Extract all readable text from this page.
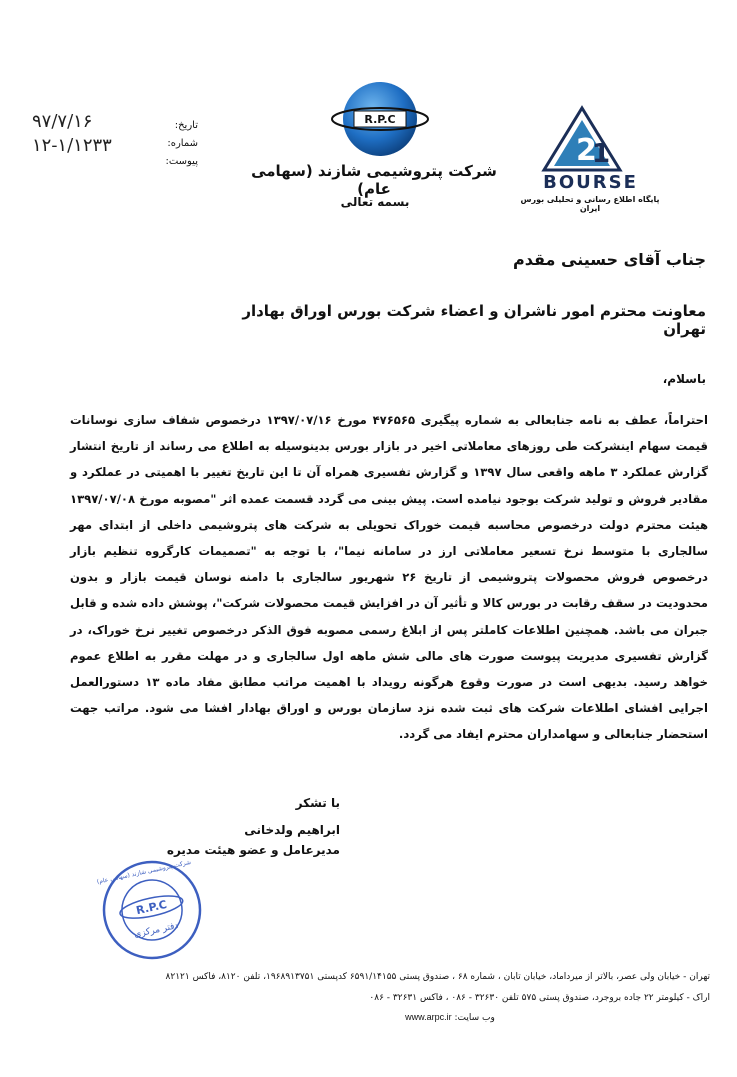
2
1
BOURSE
پایگاه اطلاع رسانی و تحلیلی بورس ایران
R.P.C
شرکت پتروشیمی شازند (سهامی عام)
بسمه تعالی
تاریخ:
شماره:
پیوست:
۹۷/۷/۱۶
۱۲-۱/۱۲۳۳
جناب آقای حسینی مقدم
معاونت محترم امور ناشران و اعضاء شرکت بورس اوراق بهادار تهران
باسلام،
احتراماً، عطف به نامه جنابعالی به شماره پیگیری ۴۷۶۵۶۵ مورخ ۱۳۹۷/۰۷/۱۶ درخصوص شفاف سازی نوسانات قیمت سهام اینشرکت طی روزهای معاملاتی اخیر در بازار بورس بدینوسیله به اطلاع می رساند از تاریخ انتشار گزارش عملکرد ۳ ماهه واقعی سال ۱۳۹۷ و گزارش تفسیری همراه آن تا این تاریخ تغییر با اهمیتی در عملکرد و مقادیر فروش و تولید شرکت بوجود نیامده است. پیش بینی می گردد قسمت عمده اثر "مصوبه مورخ ۱۳۹۷/۰۷/۰۸ هیئت محترم دولت درخصوص محاسبه قیمت خوراک تحویلی به شرکت های پتروشیمی داخلی از ابتدای مهر سالجاری با متوسط نرخ تسعیر معاملاتی ارز در سامانه نیما"، با توجه به "تصمیمات کارگروه تنظیم بازار درخصوص فروش محصولات پتروشیمی از تاریخ ۲۶ شهریور سالجاری با دامنه نوسان قیمت بازار و بدون محدودیت در سقف رقابت در بورس کالا و تأثیر آن در افزایش قیمت محصولات شرکت"، پوشش داده شده و قابل جبران می باشد. همچنین اطلاعات کاملتر پس از ابلاغ رسمی مصوبه فوق الذکر درخصوص تغییر نرخ خوراک، در گزارش تفسیری مدیریت پیوست صورت های مالی شش ماهه اول سالجاری و در مهلت مقرر به اطلاع عموم خواهد رسید. بدیهی است در صورت وقوع هرگونه رویداد با اهمیت مراتب مطابق مفاد ماده ۱۳ دستورالعمل اجرایی افشای اطلاعات شرکت های ثبت شده نزد سازمان بورس و اوراق بهادار افشا می شود. مراتب جهت استحضار جنابعالی و سهامداران محترم ایفاد می گردد.
با تشکر
ابراهیم ولدخانی
مدیرعامل و عضو هیئت مدیره
R.P.C
دفتر مرکزی
شرکت پتروشیمی شازند (سهامی عام)
تهران - خیابان ولی عصر، بالاتر از میرداماد، خیابان تابان ، شماره ۶۸ ، صندوق پستی ۶۵۹۱/۱۴۱۵۵ کدپستی ۱۹۶۸۹۱۳۷۵۱، تلفن ۸۱۲۰، فاکس ۸۲۱۲۱
اراک - کیلومتر ۲۲ جاده بروجرد، صندوق پستی ۵۷۵ تلفن ۳۲۶۳۰ - ۰۸۶ ، فاکس ۳۲۶۳۱ - ۰۸۶
وب سایت: www.arpc.ir
